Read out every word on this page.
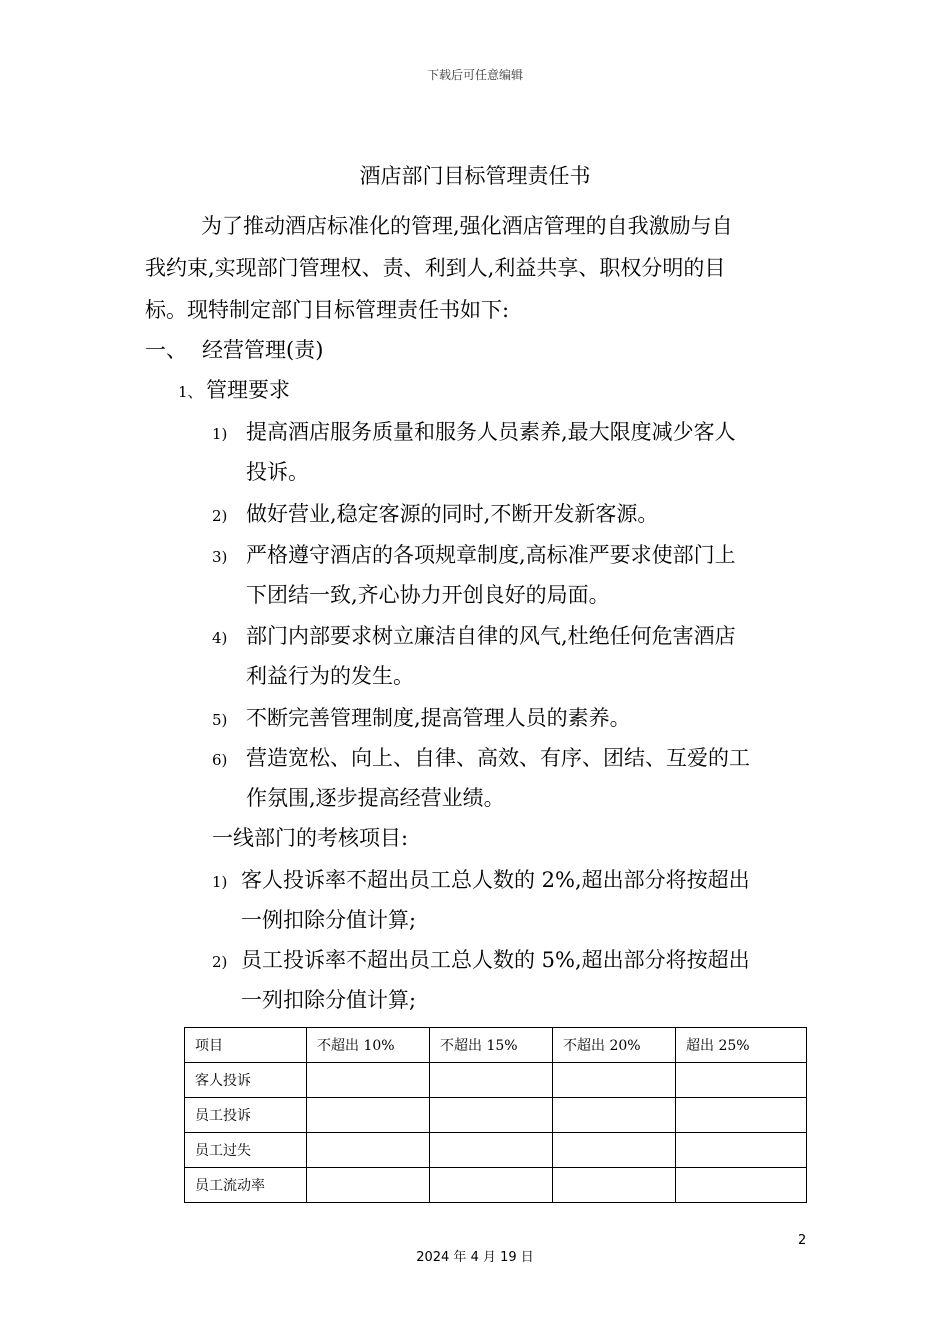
下载后可任意编辑
酒店部门目标管理责任书
为了推动酒店标准化的管理,强化酒店管理的自我激励与自
我约束,实现部门管理权、责、利到人,利益共享、职权分明的目
标。现特制定部门目标管理责任书如下:
一、 经营管理(责)
1、 管理要求
1) 提高酒店服务质量和服务人员素养,最大限度减少客人
投诉。
2) 做好营业,稳定客源的同时,不断开发新客源。
3) 严格遵守酒店的各项规章制度,高标准严要求使部门上
下团结一致,齐心协力开创良好的局面。
4) 部门内部要求树立廉洁自律的风气,杜绝任何危害酒店
利益行为的发生。
5) 不断完善管理制度,提高管理人员的素养。
6) 营造宽松、向上、自律、高效、有序、团结、互爱的工
作氛围,逐步提高经营业绩。
一线部门的考核项目:
1) 客人投诉率不超出员工总人数的 2%,超出部分将按超出
一例扣除分值计算;
2) 员工投诉率不超出员工总人数的 5%,超出部分将按超出
一列扣除分值计算;
项目	不超出 10%	不超出 15%	不超出 20%	超出 25%
客人投诉				
员工投诉				
员工过失				
员工流动率				
2
2024 年 4 月 19 日
